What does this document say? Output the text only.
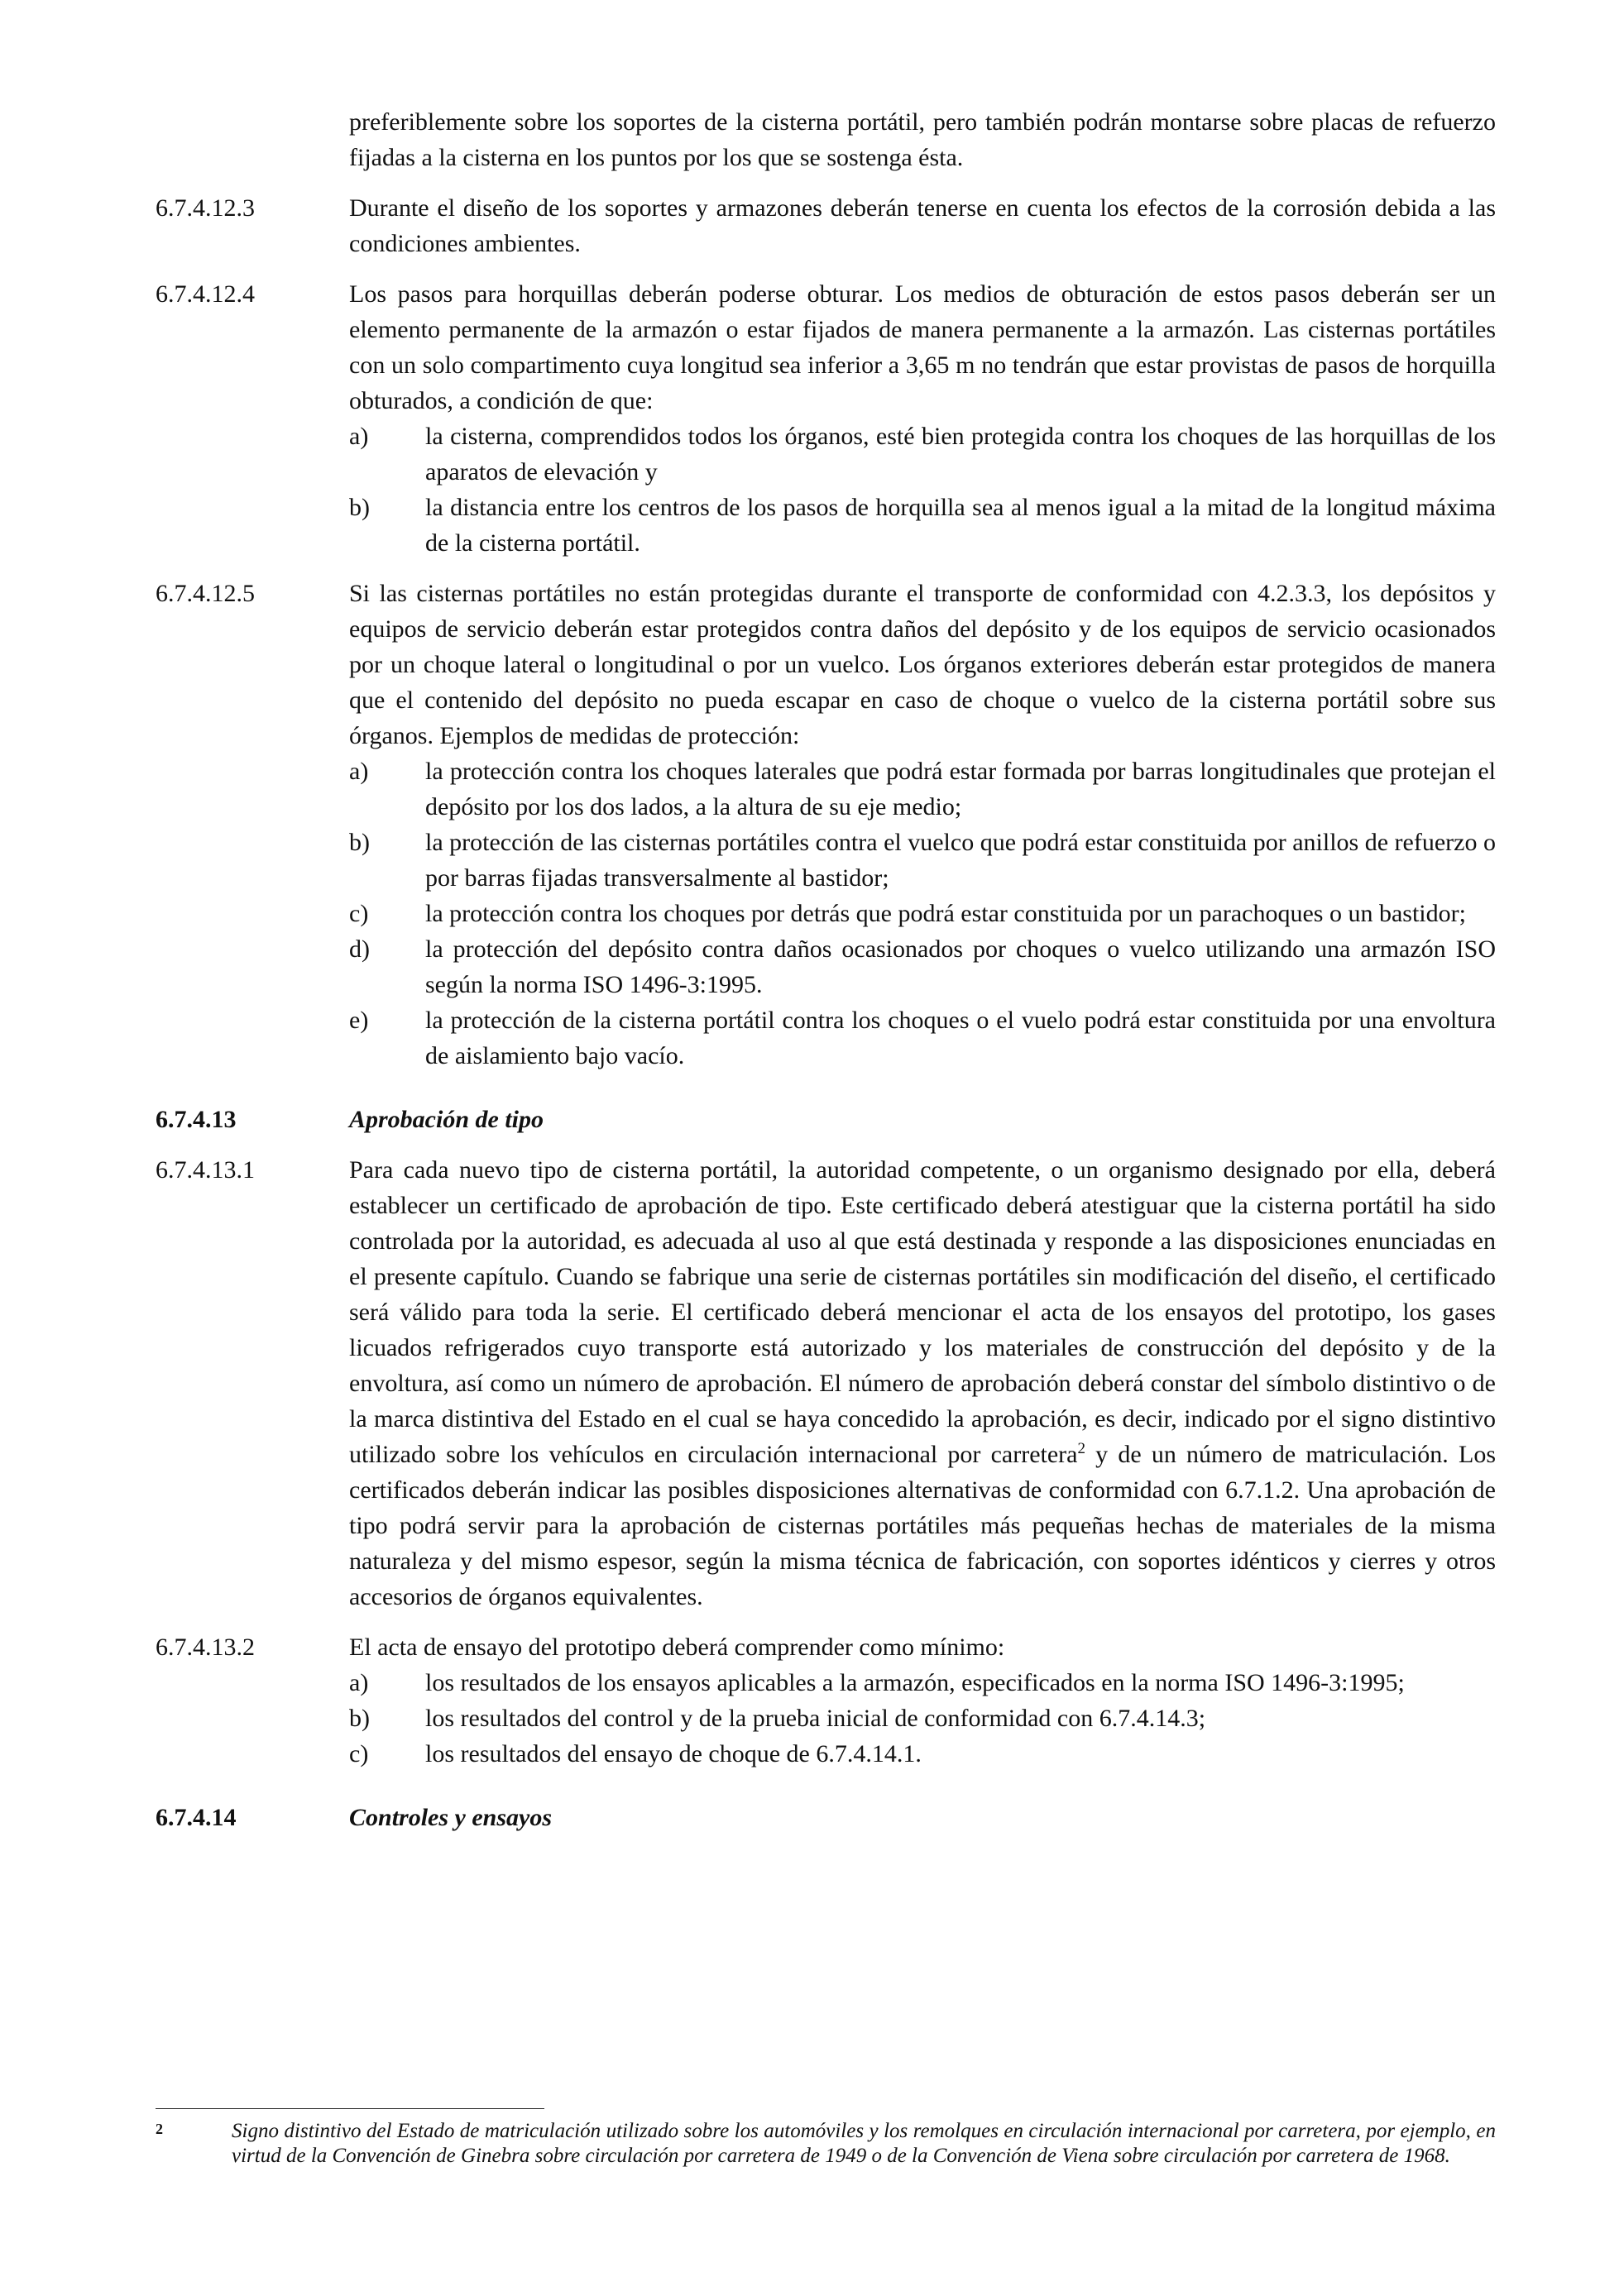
preferiblemente sobre los soportes de la cisterna portátil, pero también podrán montarse sobre placas de refuerzo fijadas a la cisterna en los puntos por los que se sostenga ésta.

6.7.4.12.3	Durante el diseño de los soportes y armazones deberán tenerse en cuenta los efectos de la corrosión debida a las condiciones ambientes.

6.7.4.12.4	Los pasos para horquillas deberán poderse obturar. Los medios de obturación de estos pasos deberán ser un elemento permanente de la armazón o estar fijados de manera permanente a la armazón. Las cisternas portátiles con un solo compartimento cuya longitud sea inferior a 3,65 m no tendrán que estar provistas de pasos de horquilla obturados, a condición de que:

a)	la cisterna, comprendidos todos los órganos, esté bien protegida contra los choques de las horquillas de los aparatos de elevación y
b)	la distancia entre los centros de los pasos de horquilla sea al menos igual a la mitad de la longitud máxima de la cisterna portátil.
6.7.4.12.5	Si las cisternas portátiles no están protegidas durante el transporte de conformidad con 4.2.3.3, los depósitos y equipos de servicio deberán estar protegidos contra daños del depósito y de los equipos de servicio ocasionados por un choque lateral o longitudinal o por un vuelco. Los órganos exteriores deberán estar protegidos de manera que el contenido del depósito no pueda escapar en caso de choque o vuelco de la cisterna portátil sobre sus órganos. Ejemplos de medidas de protección:

a)	la protección contra los choques laterales que podrá estar formada por barras longitudinales que protejan el depósito por los dos lados, a la altura de su eje medio;
b)	la protección de las cisternas portátiles contra el vuelco que podrá estar constituida por anillos de refuerzo o por barras fijadas transversalmente al bastidor;
c)	la protección contra los choques por detrás que podrá estar constituida por un parachoques o un bastidor;
d)	la protección del depósito contra daños ocasionados por choques o vuelco utilizando una armazón ISO según la norma ISO 1496-3:1995.
e)	la protección de la cisterna portátil contra los choques o el vuelo podrá estar constituida por una envoltura de aislamiento bajo vacío.
6.7.4.13	Aprobación de tipo
6.7.4.13.1	Para cada nuevo tipo de cisterna portátil, la autoridad competente, o un organismo designado por ella, deberá establecer un certificado de aprobación de tipo. Este certificado deberá atestiguar que la cisterna portátil ha sido controlada por la autoridad, es adecuada al uso al que está destinada y responde a las disposiciones enunciadas en el presente capítulo. Cuando se fabrique una serie de cisternas portátiles sin modificación del diseño, el certificado será válido para toda la serie. El certificado deberá mencionar el acta de los ensayos del prototipo, los gases licuados refrigerados cuyo transporte está autorizado y los materiales de construcción del depósito y de la envoltura, así como un número de aprobación. El número de aprobación deberá constar del símbolo distintivo o de la marca distintiva del Estado en el cual se haya concedido la aprobación, es decir, indicado por el signo distintivo utilizado sobre los vehículos en circulación internacional por carretera$^2$ y de un número de matriculación. Los certificados deberán indicar las posibles disposiciones alternativas de conformidad con 6.7.1.2. Una aprobación de tipo podrá servir para la aprobación de cisternas portátiles más pequeñas hechas de materiales de la misma naturaleza y del mismo espesor, según la misma técnica de fabricación, con soportes idénticos y cierres y otros accesorios de órganos equivalentes.

6.7.4.13.2	El acta de ensayo del prototipo deberá comprender como mínimo:

a)	los resultados de los ensayos aplicables a la armazón, especificados en la norma ISO 1496-3:1995;
b)	los resultados del control y de la prueba inicial de conformidad con 6.7.4.14.3;
c)	los resultados del ensayo de choque de 6.7.4.14.1.
6.7.4.14	Controles y ensayos
2	Signo distintivo del Estado de matriculación utilizado sobre los automóviles y los remolques en circulación internacional por carretera, por ejemplo, en virtud de la Convención de Ginebra sobre circulación por carretera de 1949 o de la Convención de Viena sobre circulación por carretera de 1968.
